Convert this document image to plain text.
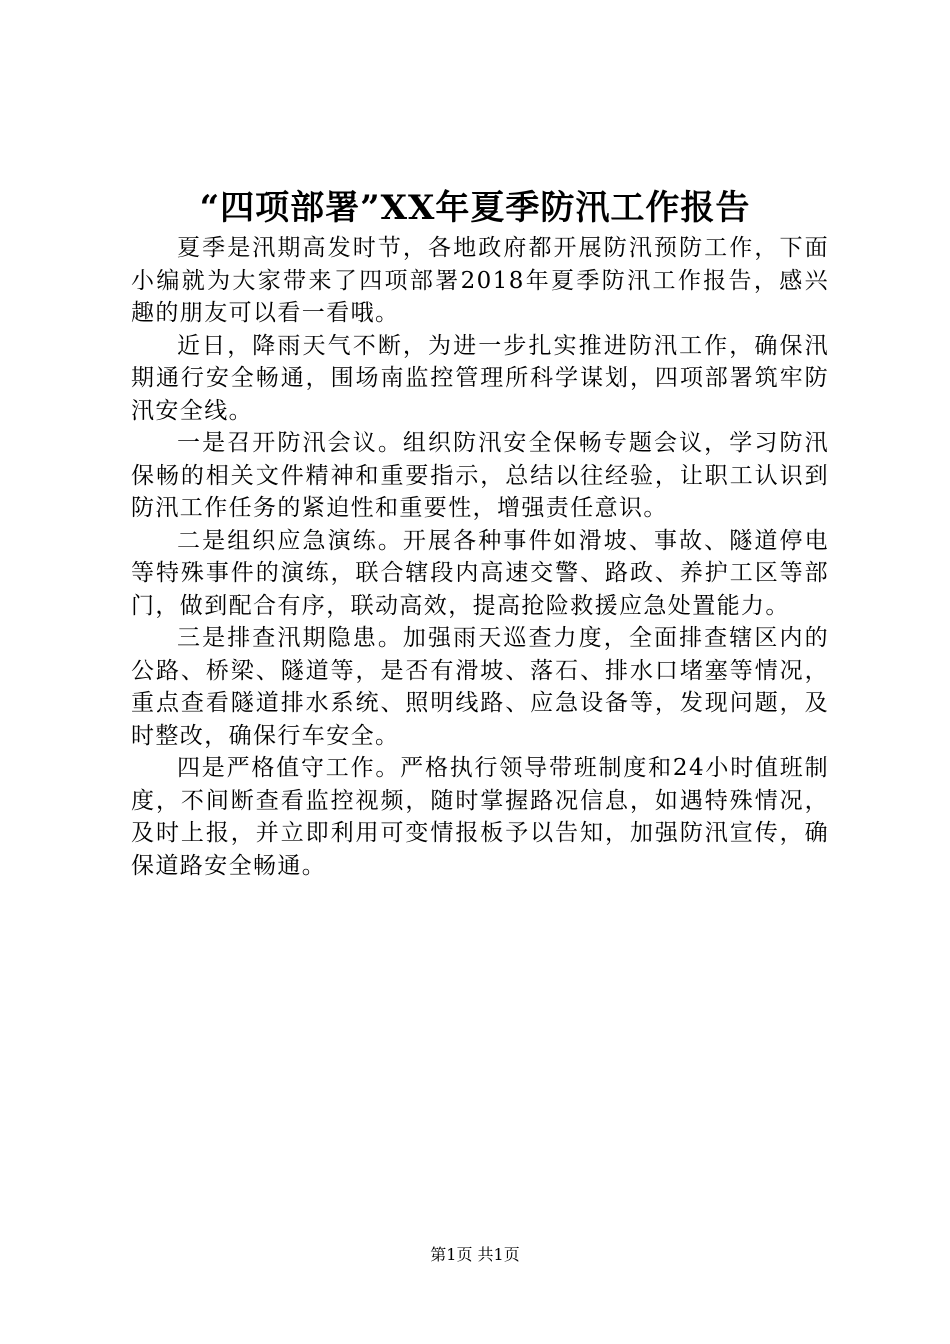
“四项部署”XX年夏季防汛工作报告

夏季是汛期高发时节，各地政府都开展防汛预防工作，下面小编就为大家带来了四项部署2018年夏季防汛工作报告，感兴趣的朋友可以看一看哦。

近日，降雨天气不断，为进一步扎实推进防汛工作，确保汛期通行安全畅通，围场南监控管理所科学谋划，四项部署筑牢防汛安全线。

一是召开防汛会议。组织防汛安全保畅专题会议，学习防汛保畅的相关文件精神和重要指示，总结以往经验，让职工认识到防汛工作任务的紧迫性和重要性，增强责任意识。

二是组织应急演练。开展各种事件如滑坡、事故、隧道停电等特殊事件的演练，联合辖段内高速交警、路政、养护工区等部门，做到配合有序，联动高效，提高抢险救援应急处置能力。

三是排查汛期隐患。加强雨天巡查力度，全面排查辖区内的公路、桥梁、隧道等，是否有滑坡、落石、排水口堵塞等情况，重点查看隧道排水系统、照明线路、应急设备等，发现问题，及时整改，确保行车安全。

四是严格值守工作。严格执行领导带班制度和24小时值班制度，不间断查看监控视频，随时掌握路况信息，如遇特殊情况，及时上报，并立即利用可变情报板予以告知，加强防汛宣传，确保道路安全畅通。

第1页 共1页
